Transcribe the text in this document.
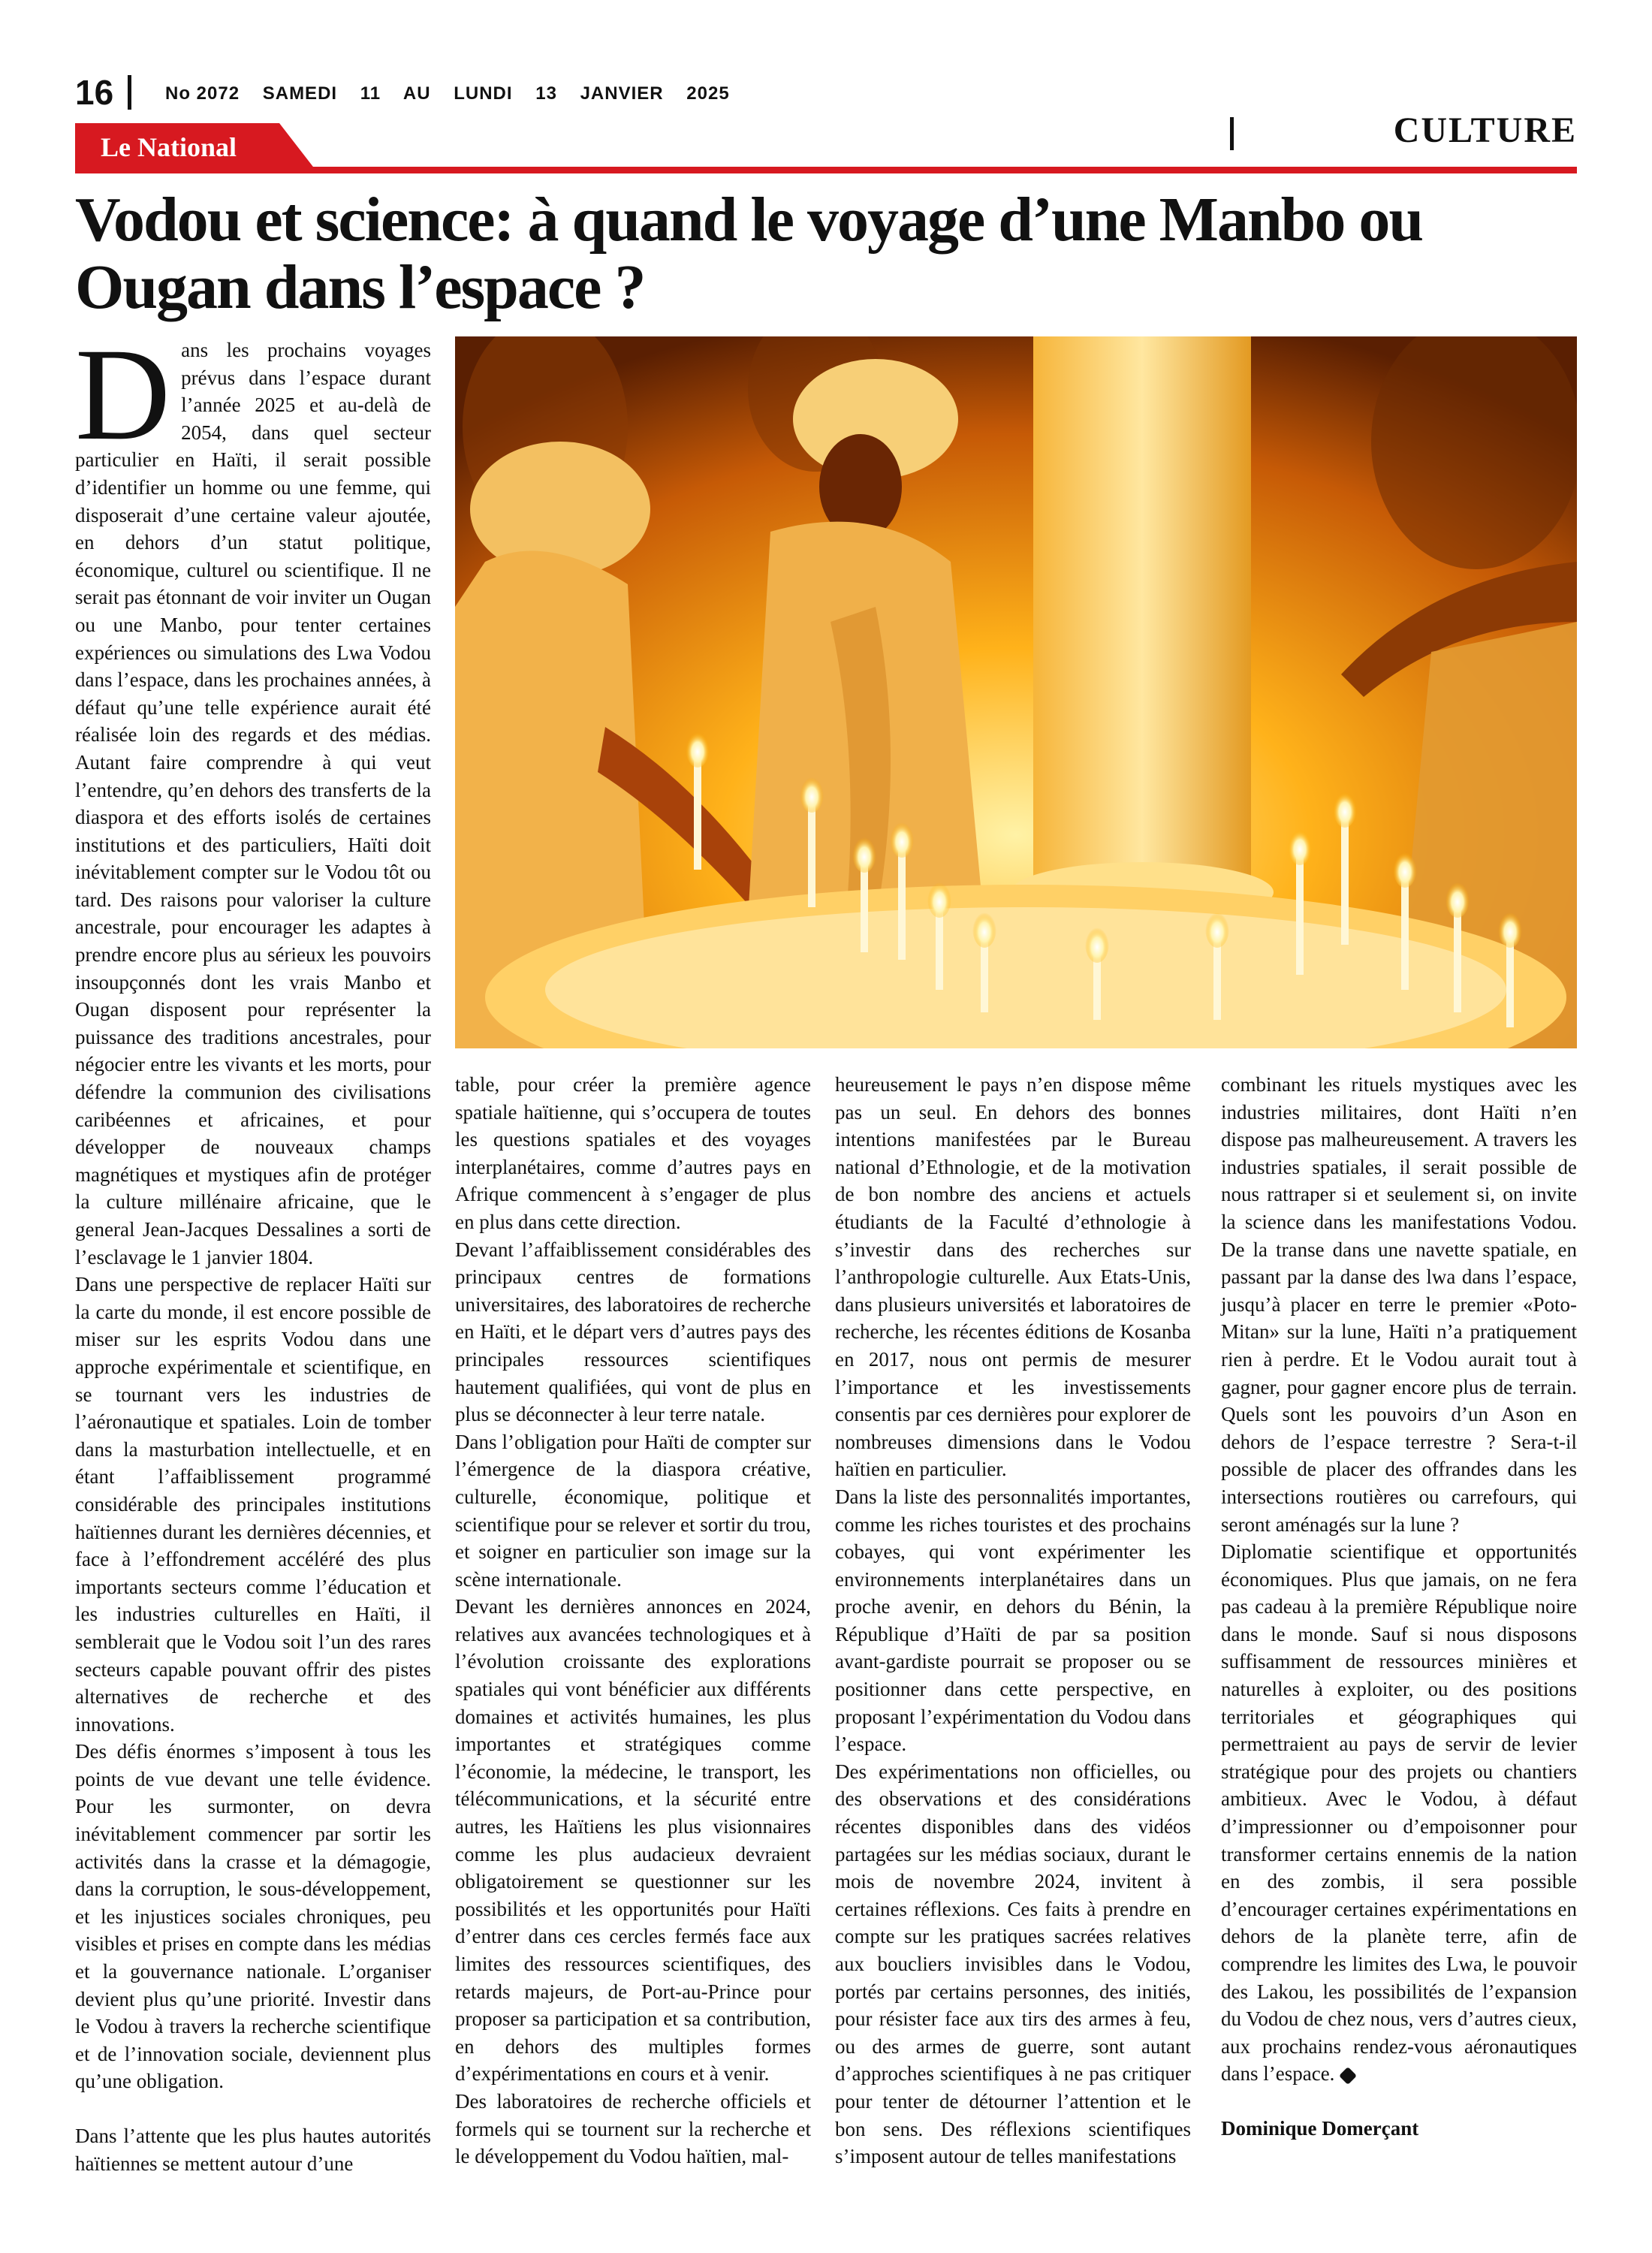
16	No 2072    SAMEDI    11    AU    LUNDI    13    JANVIER    2025
Le National	CULTURE
Vodou et science: à quand le voyage d’une Manbo ou Ougan dans l’espace ?
D ans les prochains voyages prévus dans l’espace durant l’année 2025 et au-delà de 2054, dans quel secteur particulier en Haïti, il serait possible d’identifier un homme ou une femme, qui disposerait d’une certaine valeur ajoutée, en dehors d’un statut politique, économique, culturel ou scientifique. Il ne serait pas étonnant de voir inviter un Ougan ou une Manbo, pour tenter certaines expériences ou simulations des Lwa Vodou dans l’espace, dans les prochaines années, à défaut qu’une telle expérience aurait été réalisée loin des regards et des médias. Autant faire comprendre à qui veut l’entendre, qu’en dehors des transferts de la diaspora et des efforts isolés de certaines institutions et des particuliers, Haïti doit inévitablement compter sur le Vodou tôt ou tard. Des raisons pour valoriser la culture ancestrale, pour encourager les adaptes à prendre encore plus au sérieux les pouvoirs insoupçonnés dont les vrais Manbo et Ougan disposent pour représenter la puissance des traditions ancestrales, pour négocier entre les vivants et les morts, pour défendre la communion des civilisations caribéennes et africaines, et pour développer de nouveaux champs magnétiques et mystiques afin de protéger la culture millénaire africaine, que le general Jean-Jacques Dessalines a sorti de l’esclavage le 1 janvier 1804.

Dans une perspective de replacer Haïti sur la carte du monde, il est encore possible de miser sur les esprits Vodou dans une approche expérimentale et scientifique, en se tournant vers les industries de l’aéronautique et spatiales. Loin de tomber dans la masturbation intellectuelle, et en étant l’affaiblissement programmé considérable des principales institutions haïtiennes durant les dernières décennies, et face à l’effondrement accéléré des plus importants secteurs comme l’éducation et les industries culturelles en Haïti, il semblerait que le Vodou soit l’un des rares secteurs capable pouvant offrir des pistes alternatives de recherche et des innovations.

Des défis énormes s’imposent à tous les points de vue devant une telle évidence. Pour les surmonter, on devra inévitablement commencer par sortir les activités dans la crasse et la démagogie, dans la corruption, le sous-développement, et les injustices sociales chroniques, peu visibles et prises en compte dans les médias et la gouvernance nationale. L’organiser devient plus qu’une priorité. Investir dans le Vodou à travers la recherche scientifique et de l’innovation sociale, deviennent plus qu’une obligation.

Dans l’attente que les plus hautes autorités haïtiennes se mettent autour d’une

table, pour créer la première agence spatiale haïtienne, qui s’occupera de toutes les questions spatiales et des voyages interplanétaires, comme d’autres pays en Afrique commencent à s’engager de plus en plus dans cette direction.

Devant l’affaiblissement considérables des principaux centres de formations universitaires, des laboratoires de recherche en Haïti, et le départ vers d’autres pays des principales ressources scientifiques hautement qualifiées, qui vont de plus en plus se déconnecter à leur terre natale.

Dans l’obligation pour Haïti de compter sur l’émergence de la diaspora créative, culturelle, économique, politique et scientifique pour se relever et sortir du trou, et soigner en particulier son image sur la scène internationale.

Devant les dernières annonces en 2024, relatives aux avancées technologiques et à l’évolution croissante des explorations spatiales qui vont bénéficier aux différents domaines et activités humaines, les plus importantes et stratégiques comme l’économie, la médecine, le transport, les télécommunications, et la sécurité entre autres, les Haïtiens les plus visionnaires comme les plus audacieux devraient obligatoirement se questionner sur les possibilités et les opportunités pour Haïti d’entrer dans ces cercles fermés face aux limites des ressources scientifiques, des retards majeurs, de Port-au-Prince pour proposer sa participation et sa contribution, en dehors des multiples formes d’expérimentations en cours et à venir.

Des laboratoires de recherche officiels et formels qui se tournent sur la recherche et le développement du Vodou haïtien, mal-

heureusement le pays n’en dispose même pas un seul. En dehors des bonnes intentions manifestées par le Bureau national d’Ethnologie, et de la motivation de bon nombre des anciens et actuels étudiants de la Faculté d’ethnologie à s’investir dans des recherches sur l’anthropologie culturelle. Aux Etats-Unis, dans plusieurs universités et laboratoires de recherche, les récentes éditions de Kosanba en 2017, nous ont permis de mesurer l’importance et les investissements consentis par ces dernières pour explorer de nombreuses dimensions dans le Vodou haïtien en particulier.

Dans la liste des personnalités importantes, comme les riches touristes et des prochains cobayes, qui vont expérimenter les environnements interplanétaires dans un proche avenir, en dehors du Bénin, la République d’Haïti de par sa position avant-gardiste pourrait se proposer ou se positionner dans cette perspective, en proposant l’expérimentation du Vodou dans l’espace.

Des expérimentations non officielles, ou des observations et des considérations récentes disponibles dans des vidéos partagées sur les médias sociaux, durant le mois de novembre 2024, invitent à certaines réflexions. Ces faits à prendre en compte sur les pratiques sacrées relatives aux boucliers invisibles dans le Vodou, portés par certains personnes, des initiés, pour résister face aux tirs des armes à feu, ou des armes de guerre, sont autant d’approches scientifiques à ne pas critiquer pour tenter de détourner l’attention et le bon sens. Des réflexions scientifiques s’imposent autour de telles manifestations

combinant les rituels mystiques avec les industries militaires, dont Haïti n’en dispose pas malheureusement. A travers les industries spatiales, il serait possible de nous rattraper si et seulement si, on invite la science dans les manifestations Vodou. De la transe dans une navette spatiale, en passant par la danse des lwa dans l’espace, jusqu’à placer en terre le premier «Poto-Mitan» sur la lune, Haïti n’a pratiquement rien à perdre. Et le Vodou aurait tout à gagner, pour gagner encore plus de terrain. Quels sont les pouvoirs d’un Ason en dehors de l’espace terrestre ? Sera-t-il possible de placer des offrandes dans les intersections routières ou carrefours, qui seront aménagés sur la lune ?

Diplomatie scientifique et opportunités économiques. Plus que jamais, on ne fera pas cadeau à la première République noire dans le monde. Sauf si nous disposons suffisamment de ressources minières et naturelles à exploiter, ou des positions territoriales et géographiques qui permettraient au pays de servir de levier stratégique pour des projets ou chantiers ambitieux. Avec le Vodou, à défaut d’impressionner ou d’empoisonner pour transformer certains ennemis de la nation en des zombis, il sera possible d’encourager certaines expérimentations en dehors de la planète terre, afin de comprendre les limites des Lwa, le pouvoir des Lakou, les possibilités de l’expansion du Vodou de chez nous, vers d’autres cieux, aux prochains rendez-vous aéronautiques dans l’espace.

Dominique Domerçant
